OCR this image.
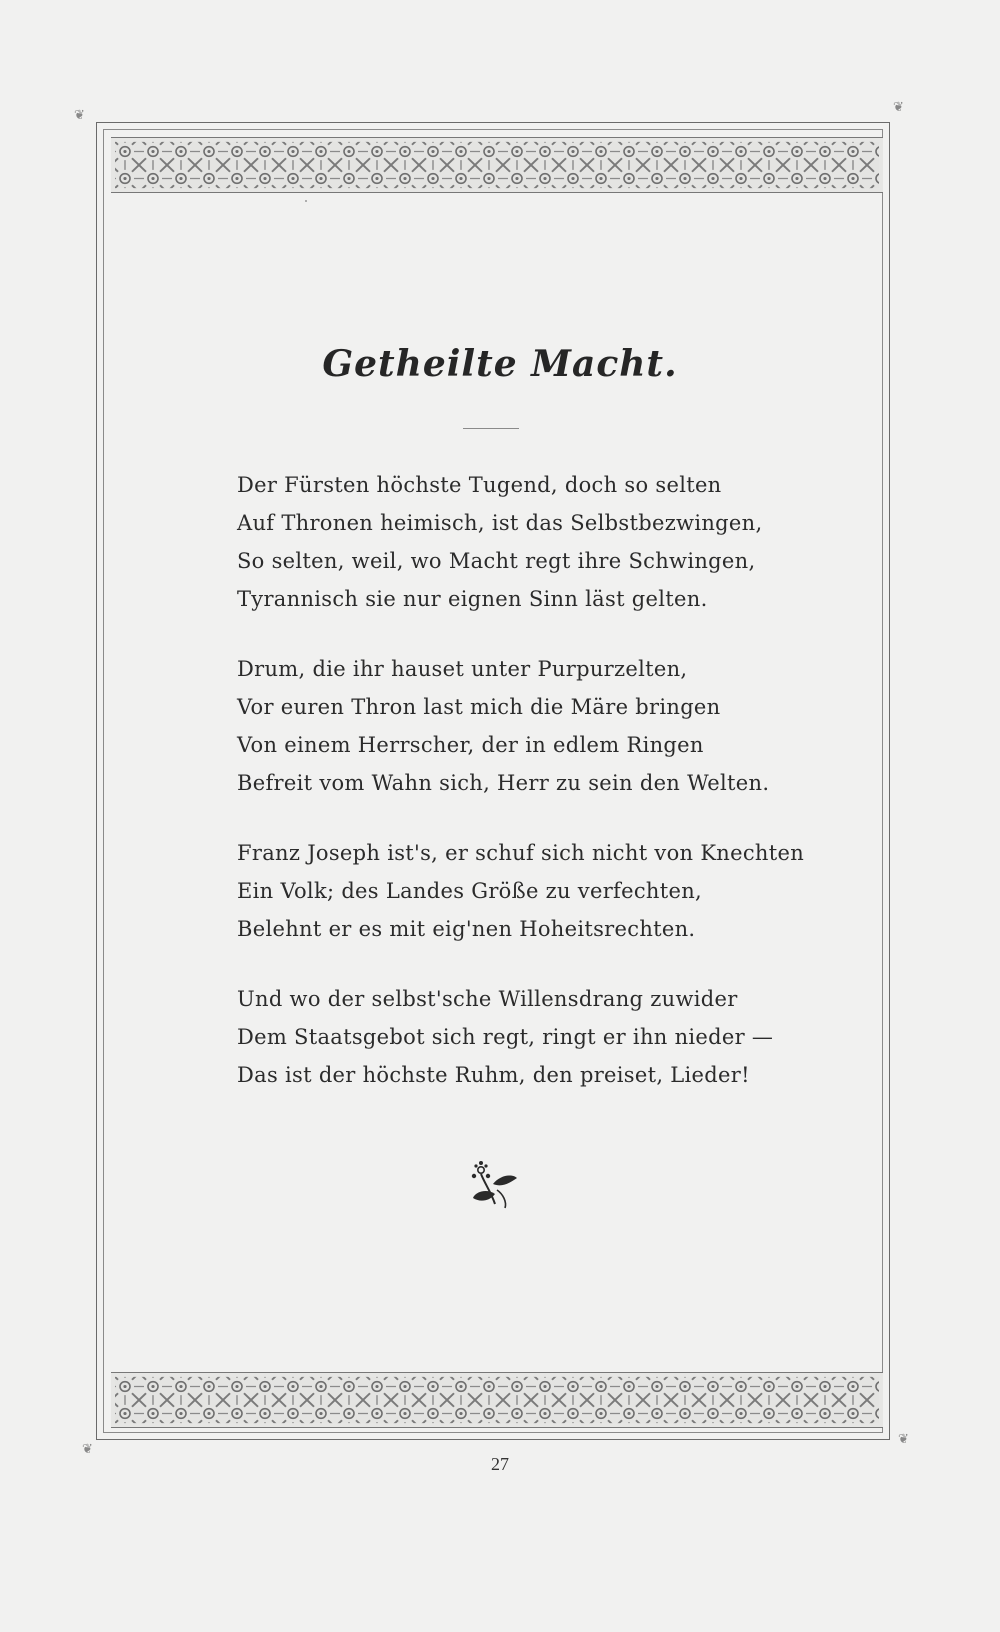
❦
❦
❦
❦
Getheilte Macht.
Der Fürsten höchste Tugend, doch so selten
Auf Thronen heimisch, ist das Selbstbezwingen,
So selten, weil, wo Macht regt ihre Schwingen,
Tyrannisch sie nur eignen Sinn läst gelten.
Drum, die ihr hauset unter Purpurzelten,
Vor euren Thron last mich die Märe bringen
Von einem Herrscher, der in edlem Ringen
Befreit vom Wahn sich, Herr zu sein den Welten.
Franz Joseph ist's, er schuf sich nicht von Knechten
Ein Volk; des Landes Größe zu verfechten,
Belehnt er es mit eig'nen Hoheitsrechten.
Und wo der selbst'sche Willensdrang zuwider
Dem Staatsgebot sich regt, ringt er ihn nieder —
Das ist der höchste Ruhm, den preiset, Lieder!
27
